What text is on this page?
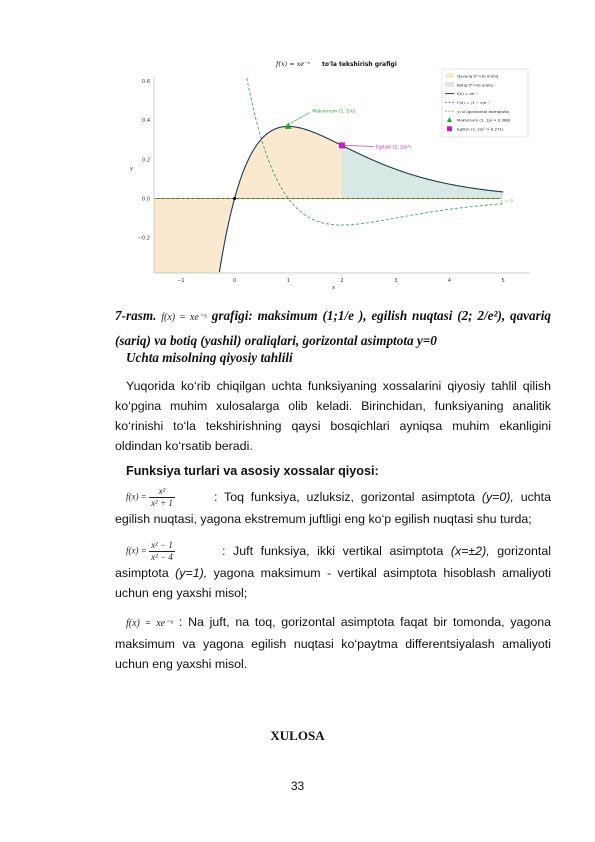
−1	0	1	2	3	4	5
−0.2
0.0
0.2
0.4
0.6
x
y
f(x) = xe⁻ˣ to'la tekshirish grafigi
Maksimum (1, 1/e)
Egilish (2, 2/e²)
y = 0
Qavariq (f''<0) oraliq
Botiq (f''>0) oraliq
f(x) = xe⁻ˣ
f'(x) = (1 − x)e⁻ˣ
y=0 (gorizontal asimptota)
Maksimum (1, 1/e ≈ 0.368)
Egilish (2, 2/e² ≈ 0.271)
7-rasm. f(x) = xe⁻ˣ grafigi: maksimum (1;1/e ), egilish nuqtasi (2; 2/e²), qavariq (sariq) va botiq (yashil) oraliqlari, gorizontal asimptota y=0
Uchta misolning qiyosiy tahlili
Yuqorida ko‘rib chiqilgan uchta funksiyaning xossalarini qiyosiy tahlil qilish ko‘pgina muhim xulosalarga olib keladi. Birinchidan, funksiyaning analitik ko‘rinishi to‘la tekshirishning qaysi bosqichlari ayniqsa muhim ekanligini oldindan ko‘rsatib beradi.
Funksiya turlari va asosiy xossalar qiyosi:
$f(x) = \frac{\text{x²}}{\text{x² + 1}}$	: Toq funksiya, uzluksiz, gorizontal asimptota (y=0), uchta egilish nuqtasi, yagona ekstremum juftligi eng ko‘p egilish nuqtasi shu turda;
$f(x) = \frac{\text{x² − 1}}{\text{x² − 4}}$	: Juft funksiya, ikki vertikal asimptota (x=±2), gorizontal asimptota (y=1), yagona maksimum - vertikal asimptota hisoblash amaliyoti uchun eng yaxshi misol;
f(x) = xe⁻ˣ : Na juft, na toq, gorizontal asimptota faqat bir tomonda, yagona maksimum va yagona egilish nuqtasi ko‘paytma differentsiyalash amaliyoti uchun eng yaxshi misol.
XULOSA
33
